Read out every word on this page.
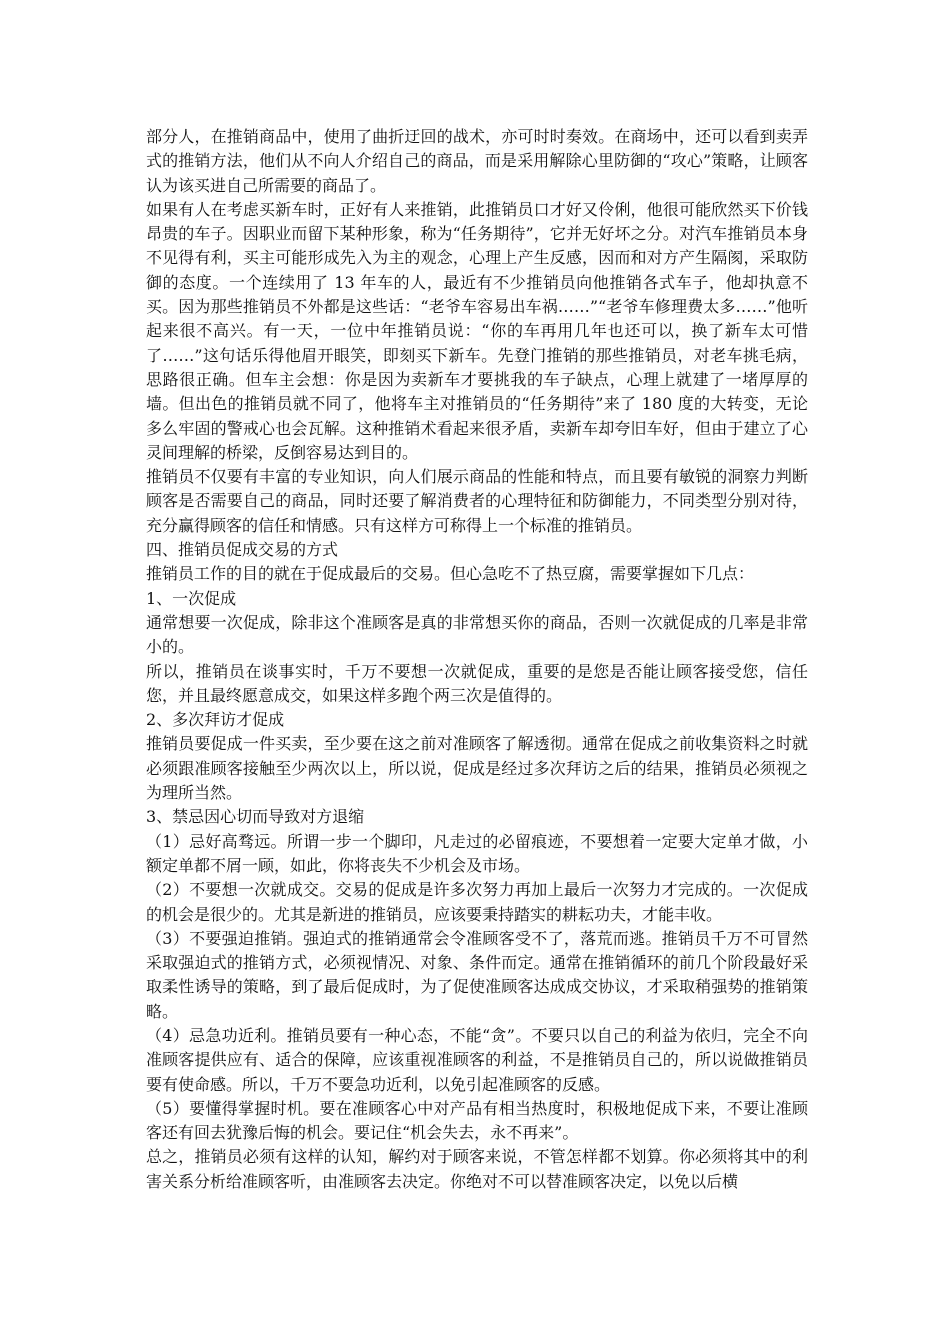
部分人，在推销商品中，使用了曲折迂回的战术，亦可时时奏效。在商场中，还可以看到卖弄式的推销方法，他们从不向人介绍自己的商品，而是采用解除心里防御的“攻心”策略，让顾客认为该买进自己所需要的商品了。

如果有人在考虑买新车时，正好有人来推销，此推销员口才好又伶俐，他很可能欣然买下价钱昂贵的车子。因职业而留下某种形象，称为“任务期待”，它并无好坏之分。对汽车推销员本身不见得有利，买主可能形成先入为主的观念，心理上产生反感，因而和对方产生隔阂，采取防御的态度。一个连续用了 13 年车的人，最近有不少推销员向他推销各式车子，他却执意不买。因为那些推销员不外都是这些话：“老爷车容易出车祸……”“老爷车修理费太多……”他听起来很不高兴。有一天，一位中年推销员说：“你的车再用几年也还可以，换了新车太可惜了……”这句话乐得他眉开眼笑，即刻买下新车。先登门推销的那些推销员，对老车挑毛病，思路很正确。但车主会想：你是因为卖新车才要挑我的车子缺点，心理上就建了一堵厚厚的墙。但出色的推销员就不同了，他将车主对推销员的“任务期待”来了 180 度的大转变，无论多么牢固的警戒心也会瓦解。这种推销术看起来很矛盾，卖新车却夸旧车好，但由于建立了心灵间理解的桥梁，反倒容易达到目的。

推销员不仅要有丰富的专业知识，向人们展示商品的性能和特点，而且要有敏锐的洞察力判断顾客是否需要自己的商品，同时还要了解消费者的心理特征和防御能力，不同类型分别对待，充分赢得顾客的信任和情感。只有这样方可称得上一个标准的推销员。

四、推销员促成交易的方式

推销员工作的目的就在于促成最后的交易。但心急吃不了热豆腐，需要掌握如下几点：

1、一次促成

通常想要一次促成，除非这个准顾客是真的非常想买你的商品，否则一次就促成的几率是非常小的。

所以，推销员在谈事实时，千万不要想一次就促成，重要的是您是否能让顾客接受您，信任您，并且最终愿意成交，如果这样多跑个两三次是值得的。

2、多次拜访才促成

推销员要促成一件买卖，至少要在这之前对准顾客了解透彻。通常在促成之前收集资料之时就必须跟准顾客接触至少两次以上，所以说，促成是经过多次拜访之后的结果，推销员必须视之为理所当然。

3、禁忌因心切而导致对方退缩

（1）忌好高骛远。所谓一步一个脚印，凡走过的必留痕迹，不要想着一定要大定单才做，小额定单都不屑一顾，如此，你将丧失不少机会及市场。

（2）不要想一次就成交。交易的促成是许多次努力再加上最后一次努力才完成的。一次促成的机会是很少的。尤其是新进的推销员，应该要秉持踏实的耕耘功夫，才能丰收。

（3）不要强迫推销。强迫式的推销通常会令准顾客受不了，落荒而逃。推销员千万不可冒然采取强迫式的推销方式，必须视情况、对象、条件而定。通常在推销循环的前几个阶段最好采取柔性诱导的策略，到了最后促成时，为了促使准顾客达成成交协议，才采取稍强势的推销策略。

（4）忌急功近利。推销员要有一种心态，不能“贪”。不要只以自己的利益为依归，完全不向准顾客提供应有、适合的保障，应该重视准顾客的利益，不是推销员自己的，所以说做推销员要有使命感。所以，千万不要急功近利，以免引起准顾客的反感。

（5）要懂得掌握时机。要在准顾客心中对产品有相当热度时，积极地促成下来，不要让准顾客还有回去犹豫后悔的机会。要记住“机会失去，永不再来”。

总之，推销员必须有这样的认知，解约对于顾客来说，不管怎样都不划算。你必须将其中的利害关系分析给准顾客听，由准顾客去决定。你绝对不可以替准顾客决定，以免以后横
